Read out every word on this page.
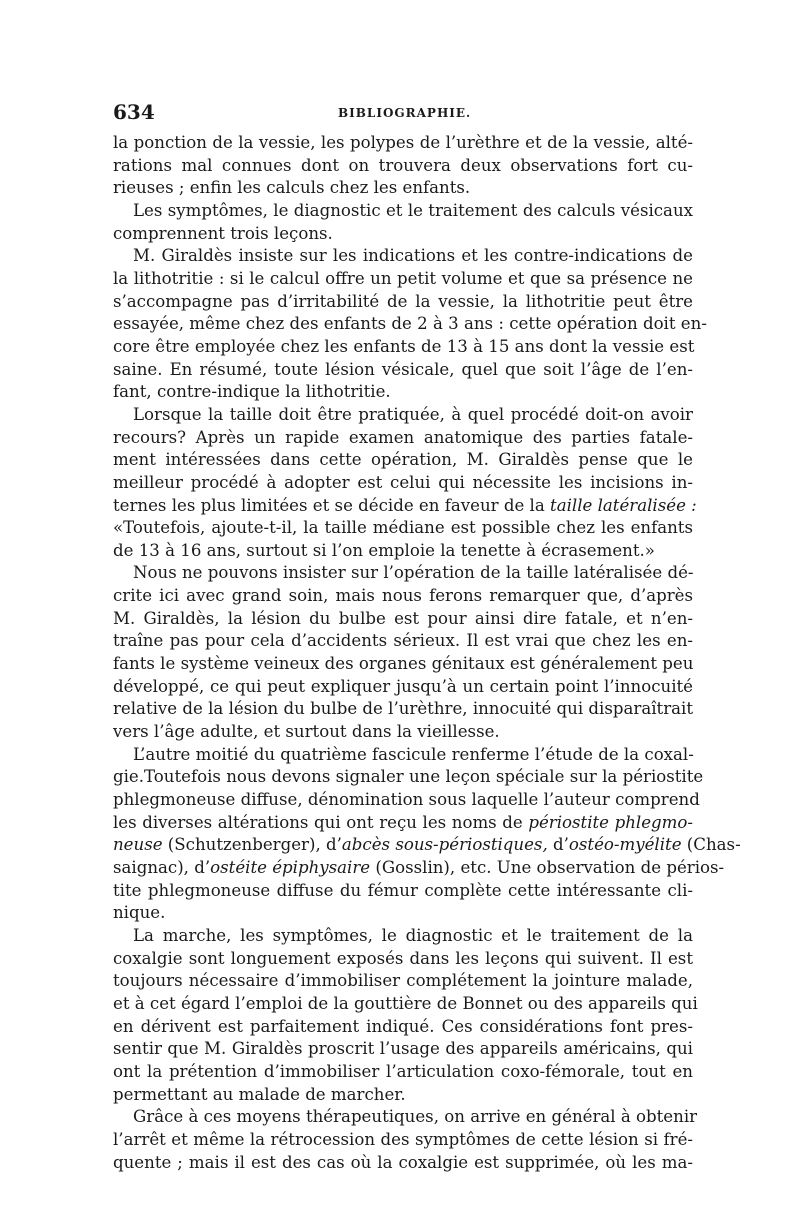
634	BIBLIOGRAPHIE.
la ponction de la vessie, les polypes de l’urèthre et de la vessie, alté-
rations mal connues dont on trouvera deux observations fort cu-
rieuses ; enfin les calculs chez les enfants.
Les symptômes, le diagnostic et le traitement des calculs vésicaux
comprennent trois leçons.
M. Giraldès insiste sur les indications et les contre-indications de
la lithotritie : si le calcul offre un petit volume et que sa présence ne
s’accompagne pas d’irritabilité de la vessie, la lithotritie peut être
essayée, même chez des enfants de 2 à 3 ans : cette opération doit en-
core être employée chez les enfants de 13 à 15 ans dont la vessie est
saine. En résumé, toute lésion vésicale, quel que soit l’âge de l’en-
fant, contre-indique la lithotritie.
Lorsque la taille doit être pratiquée, à quel procédé doit-on avoir
recours? Après un rapide examen anatomique des parties fatale-
ment intéressées dans cette opération, M. Giraldès pense que le
meilleur procédé à adopter est celui qui nécessite les incisions in-
ternes les plus limitées et se décide en faveur de la taille latéralisée :
«Toutefois, ajoute-t-il, la taille médiane est possible chez les enfants
de 13 à 16 ans, surtout si l’on emploie la tenette à écrasement.»
Nous ne pouvons insister sur l’opération de la taille latéralisée dé-
crite ici avec grand soin, mais nous ferons remarquer que, d’après
M. Giraldès, la lésion du bulbe est pour ainsi dire fatale, et n’en-
traîne pas pour cela d’accidents sérieux. Il est vrai que chez les en-
fants le système veineux des organes génitaux est généralement peu
développé, ce qui peut expliquer jusqu’à un certain point l’innocuité
relative de la lésion du bulbe de l’urèthre, innocuité qui disparaîtrait
vers l’âge adulte, et surtout dans la vieillesse.
L’autre moitié du quatrième fascicule renferme l’étude de la coxal-
gie.Toutefois nous devons signaler une leçon spéciale sur la périostite
phlegmoneuse diffuse, dénomination sous laquelle l’auteur comprend
les diverses altérations qui ont reçu les noms de périostite phlegmo-
neuse (Schutzenberger), d’abcès sous-périostiques, d’ostéo-myélite (Chas-
saignac), d’ostéite épiphysaire (Gosslin), etc. Une observation de périos-
tite phlegmoneuse diffuse du fémur complète cette intéressante cli-
nique.
La marche, les symptômes, le diagnostic et le traitement de la
coxalgie sont longuement exposés dans les leçons qui suivent. Il est
toujours nécessaire d’immobiliser complétement la jointure malade,
et à cet égard l’emploi de la gouttière de Bonnet ou des appareils qui
en dérivent est parfaitement indiqué. Ces considérations font pres-
sentir que M. Giraldès proscrit l’usage des appareils américains, qui
ont la prétention d’immobiliser l’articulation coxo-fémorale, tout en
permettant au malade de marcher.
Grâce à ces moyens thérapeutiques, on arrive en général à obtenir
l’arrêt et même la rétrocession des symptômes de cette lésion si fré-
quente ; mais il est des cas où la coxalgie est supprimée, où les ma-
